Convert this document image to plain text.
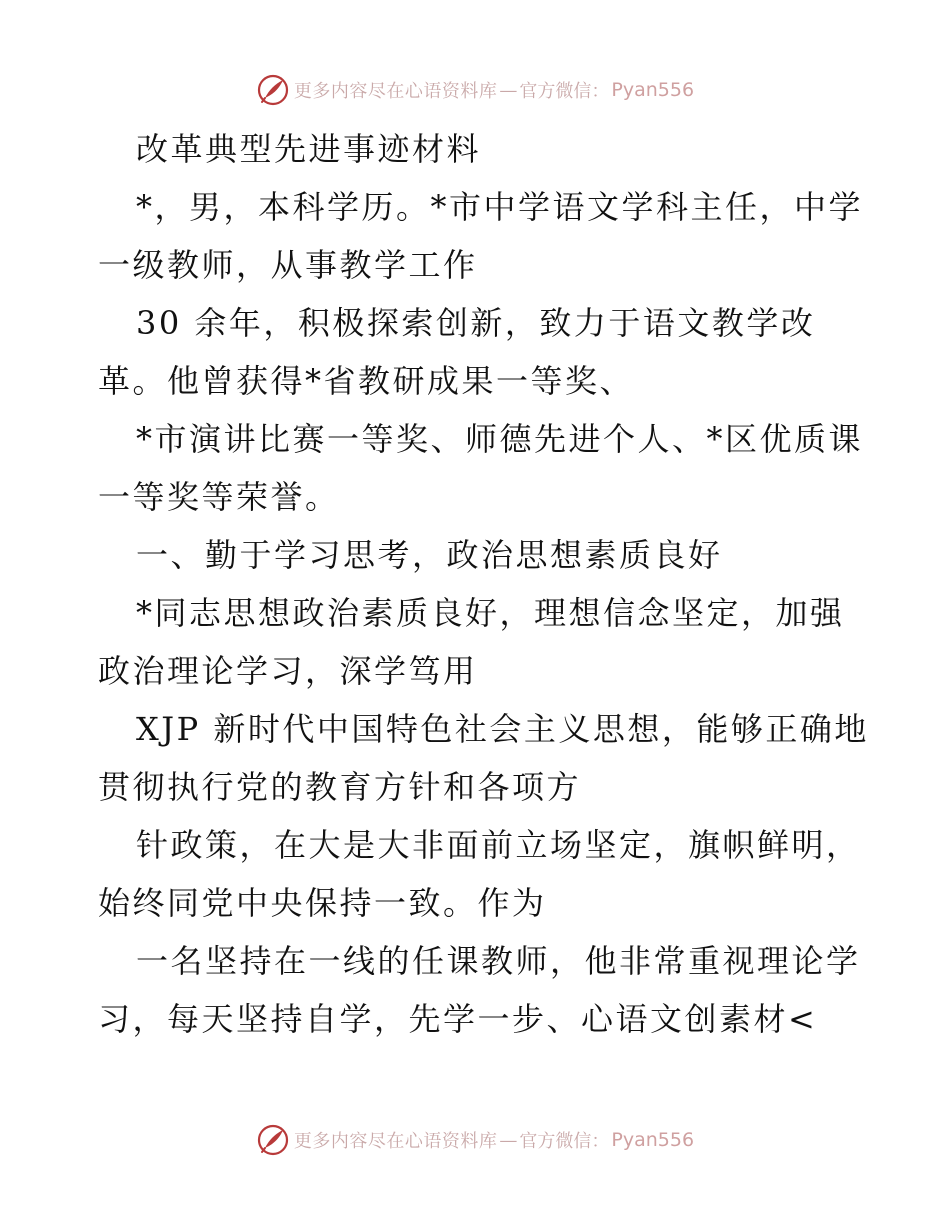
更多内容尽在心语资料库 — 官方微信： Pyan556
改革典型先进事迹材料
*，男，本科学历。*市中学语文学科主任，中学
一级教师，从事教学工作
30 余年，积极探索创新，致力于语文教学改
革。他曾获得*省教研成果一等奖、
*市演讲比赛一等奖、师德先进个人、*区优质课
一等奖等荣誉。
一、勤于学习思考，政治思想素质良好
*同志思想政治素质良好，理想信念坚定，加强
政治理论学习，深学笃用
XJP 新时代中国特色社会主义思想，能够正确地
贯彻执行党的教育方针和各项方
针政策，在大是大非面前立场坚定，旗帜鲜明，
始终同党中央保持一致。作为
一名坚持在一线的任课教师，他非常重视理论学
习，每天坚持自学，先学一步、心语文创素材<
更多内容尽在心语资料库 — 官方微信： Pyan556
